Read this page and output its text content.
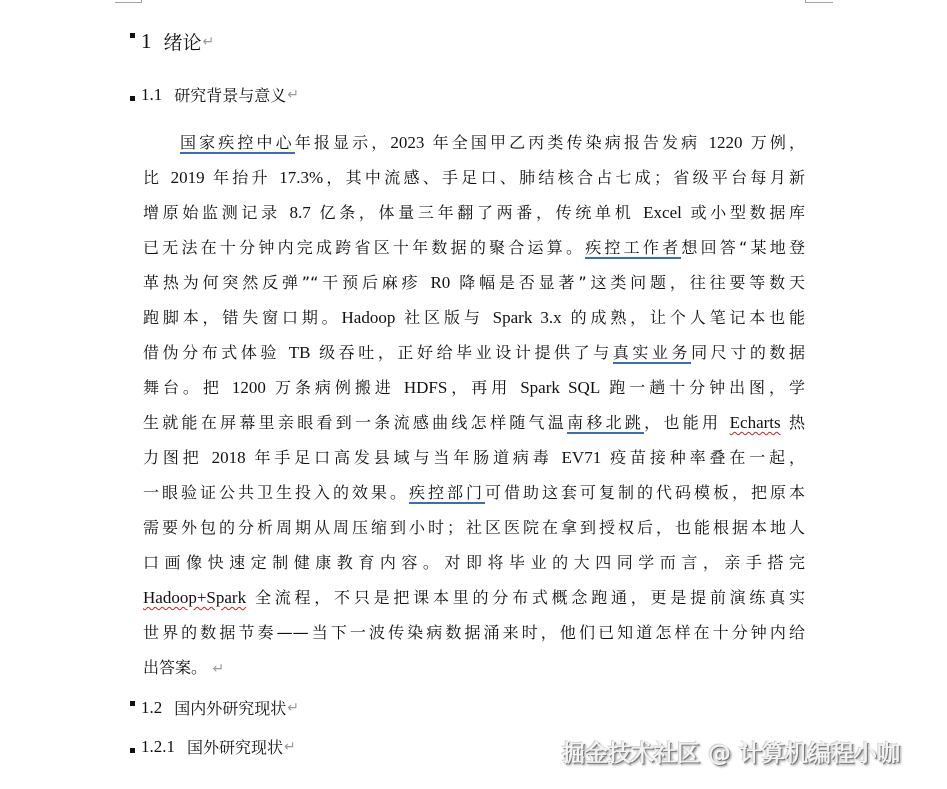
1 绪论 ↵
1.1 研究背景与意义 ↵
国家疾控中心年报显示，2023 年全国甲乙丙类传染病报告发病 1220 万例，
比 2019 年抬升 17.3%，其中流感、手足口、肺结核合占七成；省级平台每月新
增原始监测记录 8.7 亿条，体量三年翻了两番，传统单机 Excel 或小型数据库
已无法在十分钟内完成跨省区十年数据的聚合运算。疾控工作者想回答“某地登
革热为何突然反弹”“干预后麻疹 R0 降幅是否显著”这类问题，往往要等数天
跑脚本，错失窗口期。Hadoop 社区版与 Spark 3.x 的成熟，让个人笔记本也能
借伪分布式体验 TB 级吞吐，正好给毕业设计提供了与真实业务同尺寸的数据
舞台。把 1200 万条病例搬进 HDFS，再用 Spark SQL 跑一趟十分钟出图，学
生就能在屏幕里亲眼看到一条流感曲线怎样随气温南移北跳，也能用 Echarts 热
力图把 2018 年手足口高发县域与当年肠道病毒 EV71 疫苗接种率叠在一起，
一眼验证公共卫生投入的效果。疾控部门可借助这套可复制的代码模板，把原本
需要外包的分析周期从周压缩到小时；社区医院在拿到授权后，也能根据本地人
口画像快速定制健康教育内容。对即将毕业的大四同学而言，亲手搭完
Hadoop+Spark 全流程，不只是把课本里的分布式概念跑通，更是提前演练真实
世界的数据节奏——当下一波传染病数据涌来时，他们已知道怎样在十分钟内给
出答案。 ↵
1.2 国内外研究现状 ↵
1.2.1 国外研究现状 ↵	掘金技术社区 @ 计算机编程小咖
